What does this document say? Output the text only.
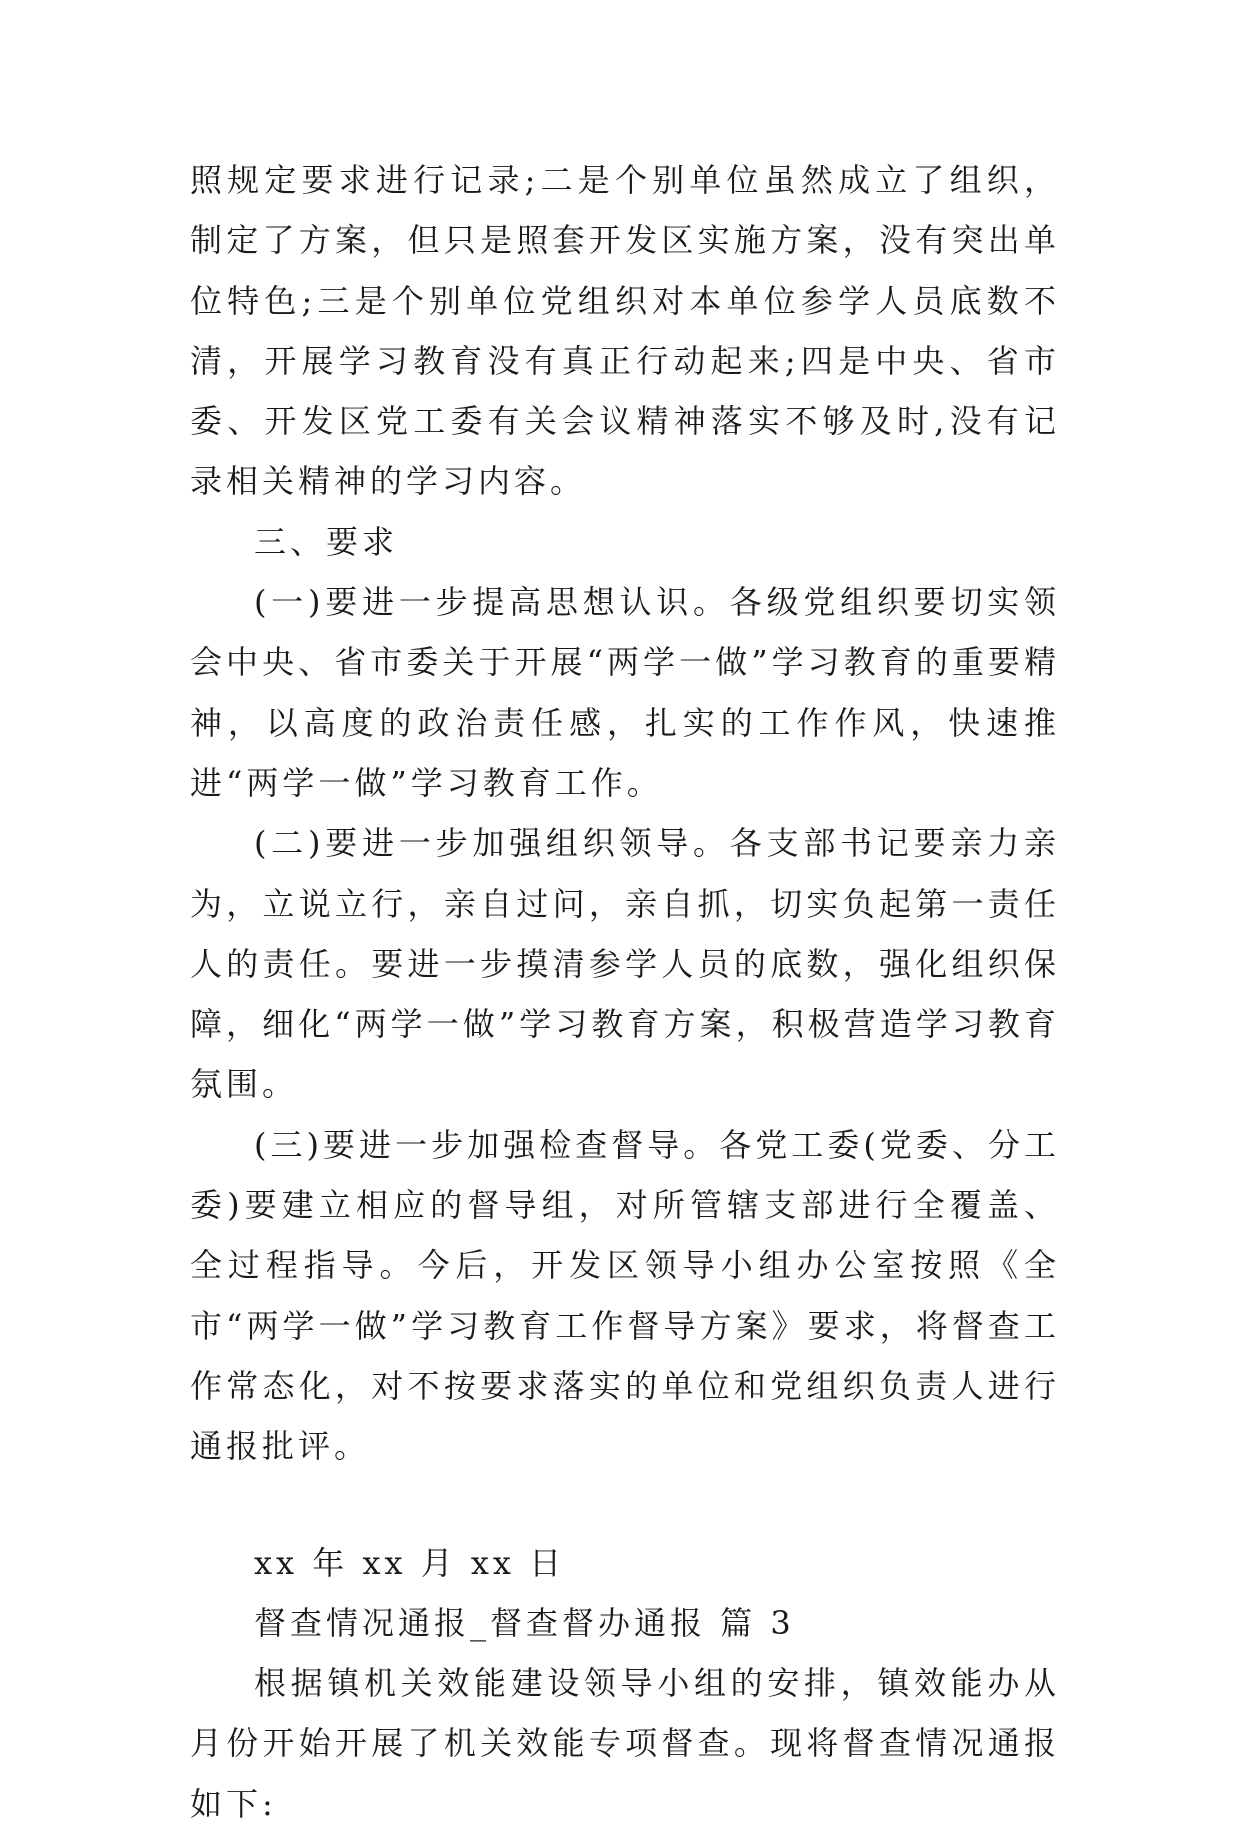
照规定要求进行记录;二是个别单位虽然成立了组织，制定了方案，但只是照套开发区实施方案，没有突出单位特色;三是个别单位党组织对本单位参学人员底数不清，开展学习教育没有真正行动起来;四是中央、省市委、开发区党工委有关会议精神落实不够及时,没有记录相关精神的学习内容。

三、要求

(一)要进一步提高思想认识。各级党组织要切实领会中央、省市委关于开展“两学一做”学习教育的重要精神，以高度的政治责任感，扎实的工作作风，快速推进“两学一做”学习教育工作。

(二)要进一步加强组织领导。各支部书记要亲力亲为，立说立行，亲自过问，亲自抓，切实负起第一责任人的责任。要进一步摸清参学人员的底数，强化组织保障，细化“两学一做”学习教育方案，积极营造学习教育氛围。

(三)要进一步加强检查督导。各党工委(党委、分工委)要建立相应的督导组，对所管辖支部进行全覆盖、全过程指导。今后，开发区领导小组办公室按照《全市“两学一做”学习教育工作督导方案》要求，将督查工作常态化，对不按要求落实的单位和党组织负责人进行通报批评。

xx 年 xx 月 xx 日

督查情况通报_督查督办通报 篇 3

根据镇机关效能建设领导小组的安排，镇效能办从月份开始开展了机关效能专项督查。现将督查情况通报如下:
